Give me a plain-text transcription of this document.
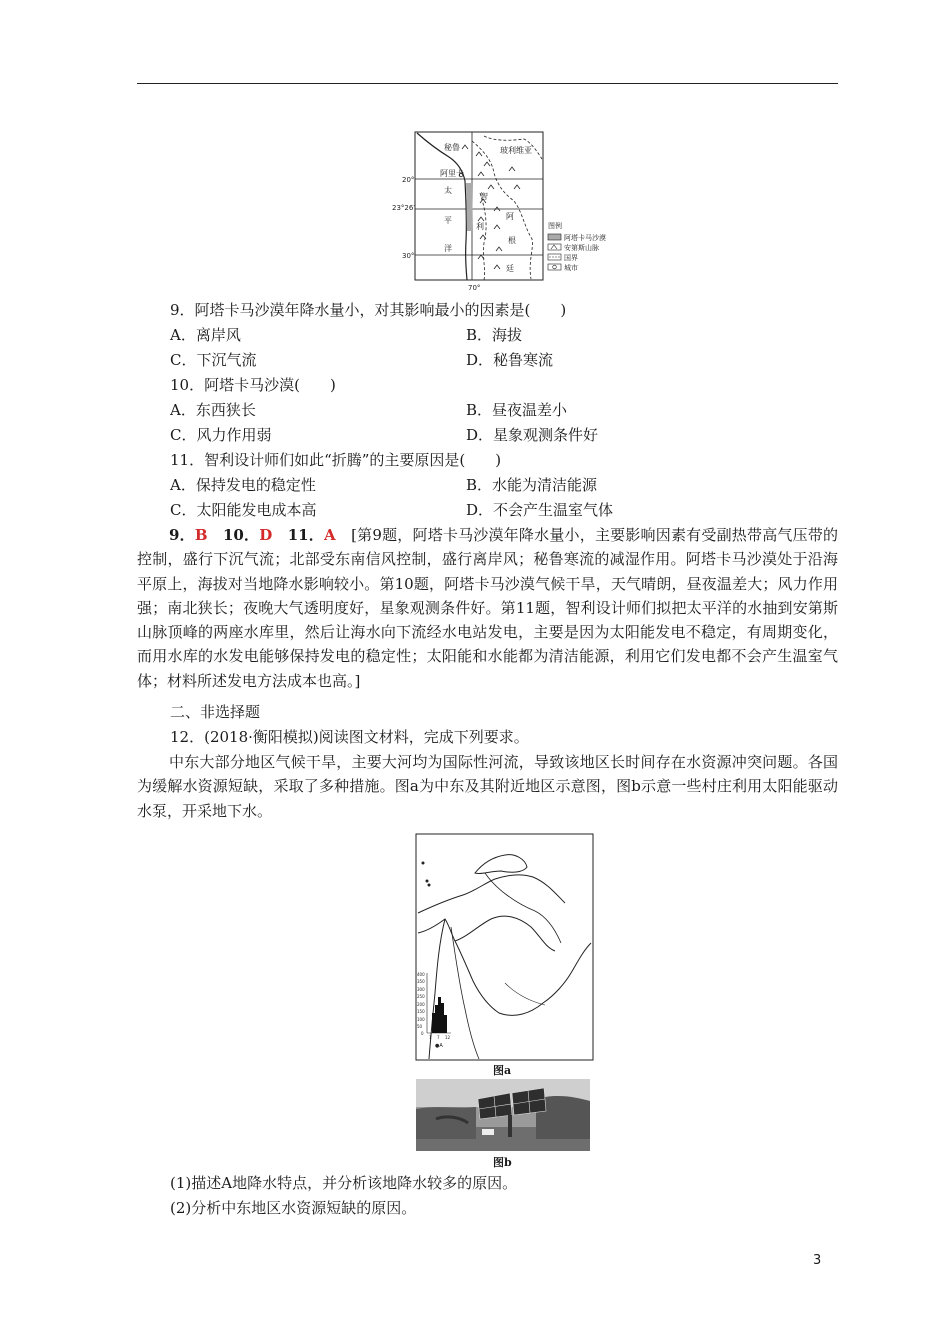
秘鲁	玻利维亚
阿里卡
太
平
洋
智
利
阿
根
廷
20°
23°26′
30°
70°
图例
阿塔卡马沙漠
安第斯山脉
国界
城市
9．阿塔卡马沙漠年降水量小，对其影响最小的因素是(　　)
A．离岸风	B．海拔
C．下沉气流	D．秘鲁寒流
10．阿塔卡马沙漠(　　)
A．东西狭长	B．昼夜温差小
C．风力作用弱	D．星象观测条件好
11．智利设计师们如此“折腾”的主要原因是(　　)
A．保持发电的稳定性	B．水能为清洁能源
C．太阳能发电成本高	D．不会产生温室气体
9．B　 10．D　 11．A　 [第9题，阿塔卡马沙漠年降水量小，主要影响因素有受副热带高气压带的控制，盛行下沉气流；北部受东南信风控制，盛行离岸风；秘鲁寒流的减湿作用。阿塔卡马沙漠处于沿海平原上，海拔对当地降水影响较小。第10题，阿塔卡马沙漠气候干旱，天气晴朗，昼夜温差大；风力作用强；南北狭长；夜晚大气透明度好，星象观测条件好。第11题，智利设计师们拟把太平洋的水抽到安第斯山脉顶峰的两座水库里，然后让海水向下流经水电站发电，主要是因为太阳能发电不稳定，有周期变化，而用水库的水发电能够保持发电的稳定性；太阳能和水能都为清洁能源，利用它们发电都不会产生温室气体；材料所述发电方法成本也高。]
二、非选择题
12．(2018·衡阳模拟)阅读图文材料，完成下列要求。
中东大部分地区气候干旱，主要大河均为国际性河流，导致该地区长时间存在水资源冲突问题。各国为缓解水资源短缺，采取了多种措施。图a为中东及其附近地区示意图，图b示意一些村庄利用太阳能驱动水泵，开采地下水。
400
350
300
250
200
150
100
50
0
1 7 12
●A
图a
图b
(1)描述A地降水特点，并分析该地降水较多的原因。
(2)分析中东地区水资源短缺的原因。
3
